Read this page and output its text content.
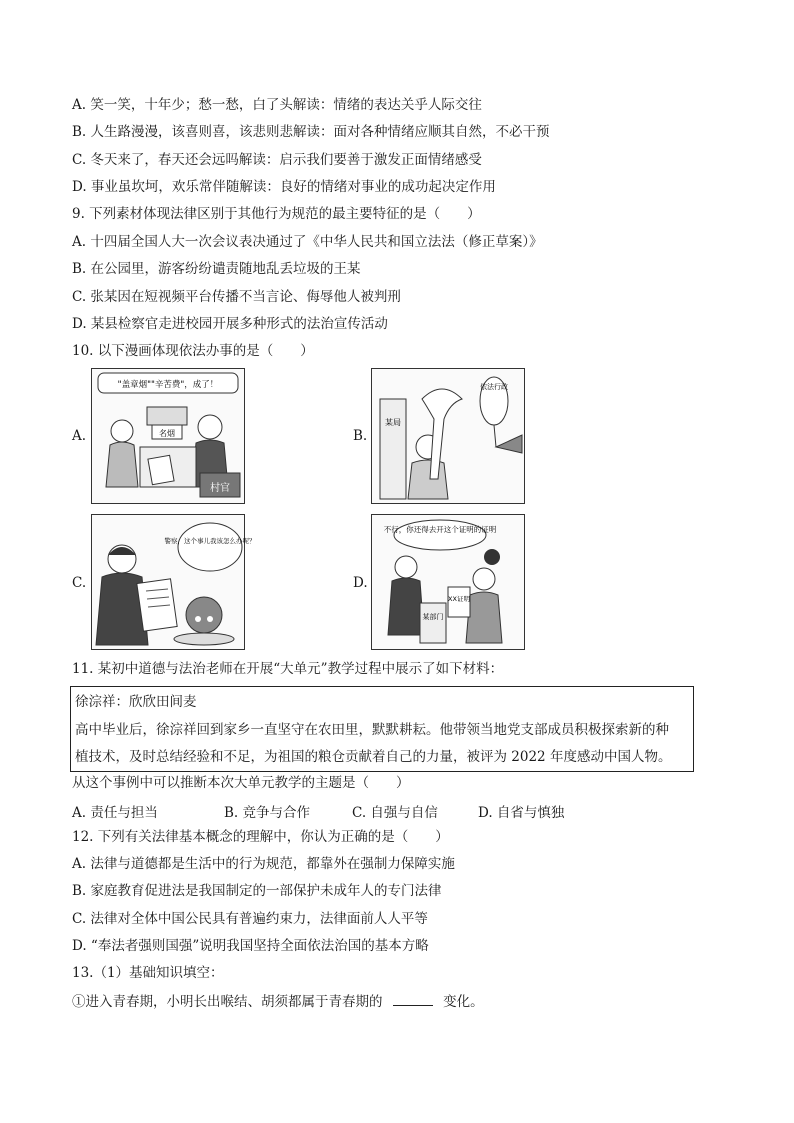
A. 笑一笑，十年少；愁一愁，白了头解读：情绪的表达关乎人际交往
B. 人生路漫漫，该喜则喜，该悲则悲解读：面对各种情绪应顺其自然，不必干预
C. 冬天来了，春天还会远吗解读：启示我们要善于激发正面情绪感受
D. 事业虽坎坷，欢乐常伴随解读：良好的情绪对事业的成功起决定作用
9. 下列素材体现法律区别于其他行为规范的最主要特征的是（　　）
A. 十四届全国人大一次会议表决通过了《中华人民共和国立法法（修正草案）》
B. 在公园里，游客纷纷谴责随地乱丢垃圾的王某
C. 张某因在短视频平台传播不当言论、侮辱他人被判刑
D. 某县检察官走进校园开展多种形式的法治宣传活动
10. 以下漫画体现依法办事的是（　　）
A.
"盖章烟""辛苦费"，成了！
名烟
村官
B.
某局
依法行政
C.
警察，这个事儿我该怎么办呢？
D.
不行，你还得去开这个证明的证明
某部门
XX证明
11. 某初中道德与法治老师在开展“大单元”教学过程中展示了如下材料：
徐淙祥：欣欣田间麦
高中毕业后，徐淙祥回到家乡一直坚守在农田里，默默耕耘。他带领当地党支部成员积极探索新的种
植技术，及时总结经验和不足，为祖国的粮仓贡献着自己的力量，被评为 2022 年度感动中国人物。
从这个事例中可以推断本次大单元教学的主题是（　　）
A. 责任与担当	B. 竞争与合作	C. 自强与自信	D. 自省与慎独
12. 下列有关法律基本概念的理解中，你认为正确的是（　　）
A. 法律与道德都是生活中的行为规范，都靠外在强制力保障实施
B. 家庭教育促进法是我国制定的一部保护未成年人的专门法律
C. 法律对全体中国公民具有普遍约束力，法律面前人人平等
D. “奉法者强则国强”说明我国坚持全面依法治国的基本方略
13.（1）基础知识填空：
①进入青春期，小明长出喉结、胡须都属于青春期的	变化。
